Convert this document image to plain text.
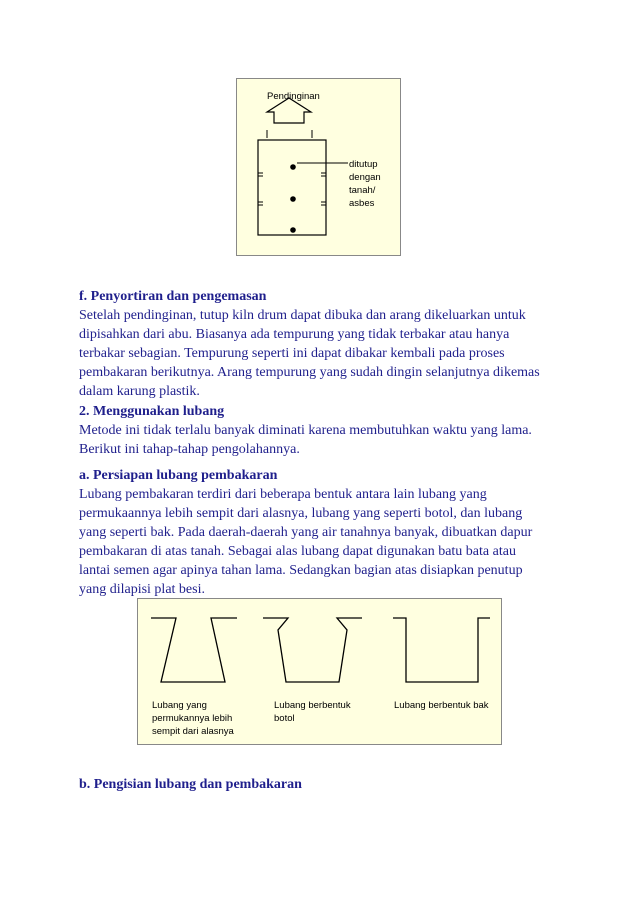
Pendinginan
ditutup
dengan
tanah/
asbes

f. Penyortiran dan pengemasan

Setelah pendinginan, tutup kiln drum dapat dibuka dan arang dikeluarkan untuk

dipisahkan dari abu. Biasanya ada tempurung yang tidak terbakar atau hanya

terbakar sebagian. Tempurung seperti ini dapat dibakar kembali pada proses

pembakaran berikutnya. Arang tempurung yang sudah dingin selanjutnya dikemas

dalam karung plastik.

2. Menggunakan lubang

Metode ini tidak terlalu banyak diminati karena membutuhkan waktu yang lama.

Berikut ini tahap-tahap pengolahannya.

a. Persiapan lubang pembakaran

Lubang pembakaran terdiri dari beberapa bentuk antara lain lubang yang

permukaannya lebih sempit dari alasnya, lubang yang seperti botol, dan lubang

yang seperti bak. Pada daerah-daerah yang air tanahnya banyak, dibuatkan dapur

pembakaran di atas tanah. Sebagai alas lubang dapat digunakan batu bata atau

lantai semen agar apinya tahan lama. Sedangkan bagian atas disiapkan penutup

yang dilapisi plat besi.

Lubang yang
permukannya lebih
sempit dari alasnya
Lubang berbentuk
botol
Lubang berbentuk bak

b. Pengisian lubang dan pembakaran
